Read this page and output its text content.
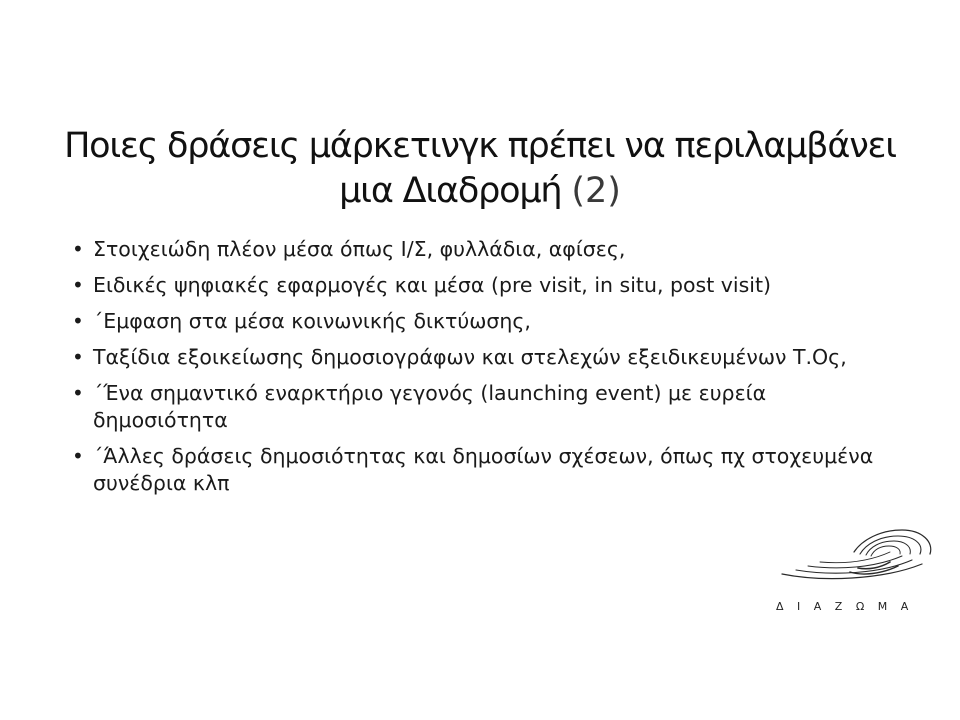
Ποιες δράσεις μάρκετινγκ πρέπει να περιλαμβάνει μια Διαδρομή (2)
• Στοιχειώδη πλέον μέσα όπως Ι/Σ, φυλλάδια, αφίσες,
• Ειδικές ψηφιακές εφαρμογές και μέσα (pre visit, in situ, post visit)
• ΄Εμφαση στα μέσα κοινωνικής δικτύωσης,
• Ταξίδια εξοικείωσης δημοσιογράφων και στελεχών εξειδικευμένων Τ.Ος,
• ΄Ένα σημαντικό εναρκτήριο γεγονός (launching event) με ευρεία δημοσιότητα
• ΄Άλλες δράσεις δημοσιότητας και δημοσίων σχέσεων, όπως πχ στοχευμένα συνέδρια κλπ
ΔΙΑΖΩΜΑ
